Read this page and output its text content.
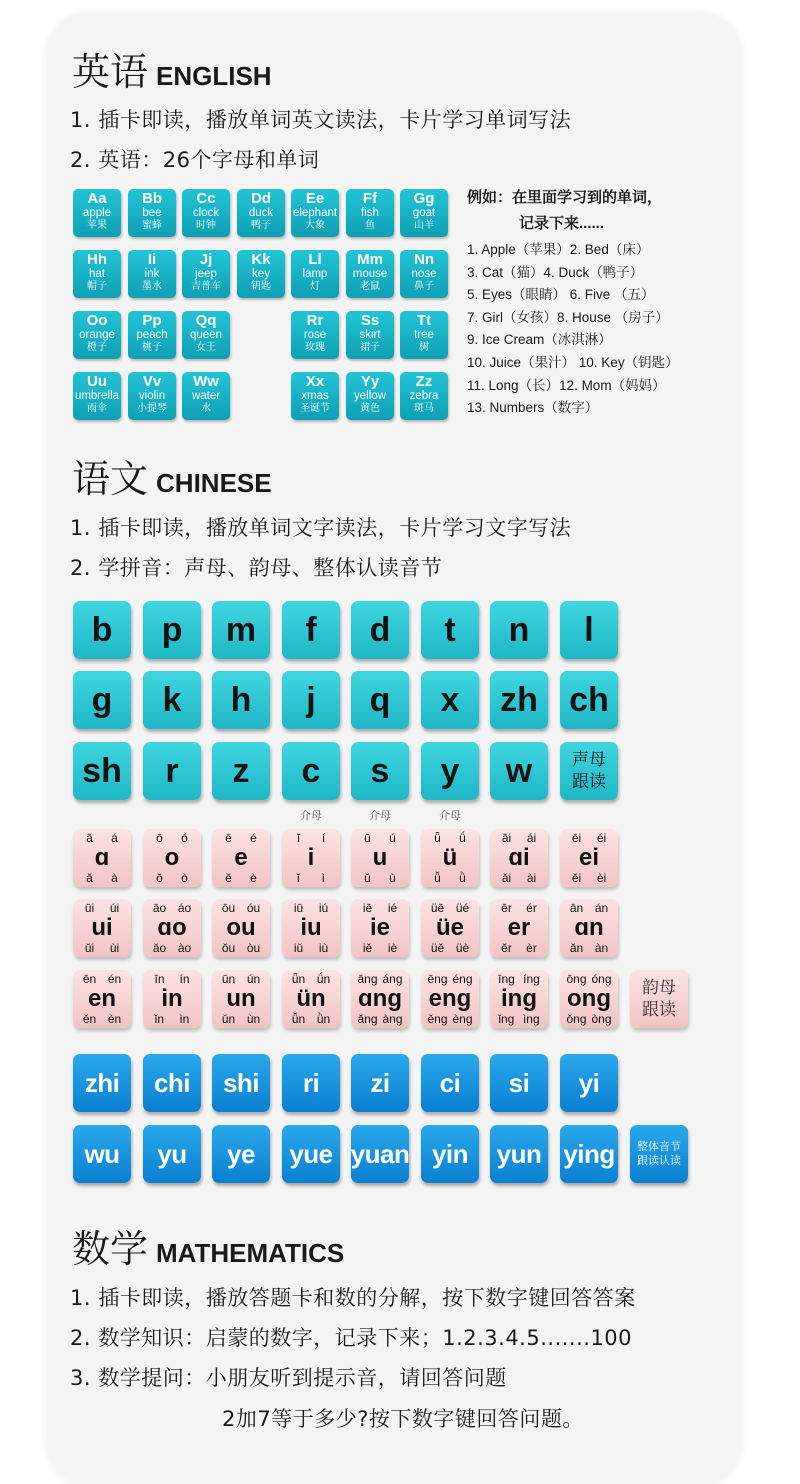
英语 ENGLISH
1. 插卡即读，播放单词英文读法，卡片学习单词写法
2. 英语：26个字母和单词
Aa
apple
苹果
Bb
bee
蜜蜂
Cc
clock
时钟
Dd
duck
鸭子
Ee
elephant
大象
Ff
fish
鱼
Gg
goat
山羊
Hh
hat
帽子
Ii
ink
墨水
Jj
jeep
吉普车
Kk
key
钥匙
Ll
lamp
灯
Mm
mouse
老鼠
Nn
nose
鼻子
Oo
orange
橙子
Pp
peach
桃子
Qq
queen
女王
Rr
rose
玫瑰
Ss
skirt
裙子
Tt
tree
树
Uu
umbrella
雨伞
Vv
violin
小提琴
Ww
water
水
Xx
xmas
圣诞节
Yy
yellow
黄色
Zz
zebra
斑马
例如：在里面学习到的单词，
记录下来......
1. Apple（苹果）2. Bed（床）
3. Cat（猫）4. Duck（鸭子）
5. Eyes（眼睛） 6. Five （五）
7. Girl（女孩）8. House （房子）
9. Ice Cream（冰淇淋）
10. Juice（果汁） 10. Key（钥匙）
11. Long（长）12. Mom（妈妈）
13. Numbers（数字）
语文 CHINESE
1. 插卡即读，播放单词文字读法，卡片学习文字写法
2. 学拼音：声母、韵母、整体认读音节
b	p	m	f	d	t	n	l
g	k	h	j	q	x	zh ch
sh	r	z	c	s	y	w	声母
跟读
介母	介母	介母
ā á
ɑ
ǎ à
ō ó
o
ǒ ò
ē é
e
ě è
ī í
i
ǐ ì
ū ú
u
ǔ ù
ǖ ǘ
ü
ǚ ǜ
āi ái
ɑi
ǎi ài
ēi éi
ei
ěi èi
ūi úi
ui
ǔi ùi
āo áo
ɑo
ǎo ào
ōu óu
ou
ǒu òu
iū iú
iu
iǔ iù
iē ié
ie
iě iè
üē üé
üe
üě üè
ēr ér
er
ěr èr
ān án
ɑn
ǎn àn
ēn én
en
ěn èn
īn ín
in
ǐn ìn
ūn ún
un
ǔn ùn
ǖn ǘn
ün
ǚn ǜn
āng áng
ɑng
ǎng àng
ēng éng
eng
ěng èng
īng íng
ing
ǐng ìng
ōng óng
ong
ǒng òng
韵母
跟读
zhi	chi	shi	ri	zi	ci	si	yi
wu	yu	ye	yue yuan yin	yun ying 整体音节
跟读认读
数学 MATHEMATICS
1. 插卡即读，播放答题卡和数的分解，按下数字键回答答案
2. 数学知识：启蒙的数字，记录下来；1.2.3.4.5.......100
3. 数学提问：小朋友听到提示音，请回答问题
2加7等于多少?按下数字键回答问题。
